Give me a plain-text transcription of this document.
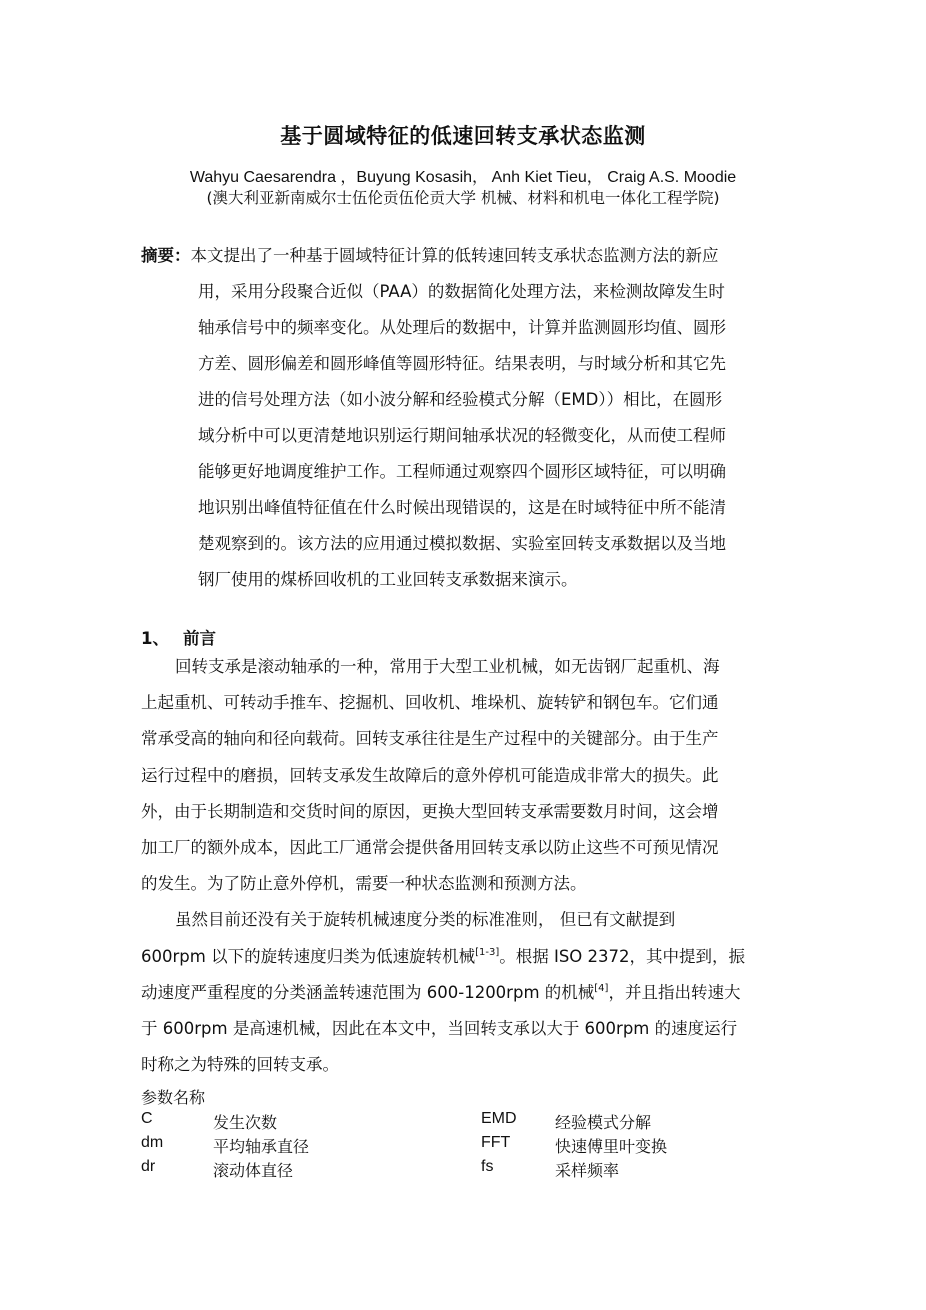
基于圆域特征的低速回转支承状态监测
Wahyu Caesarendra ，Buyung Kosasih， Anh Kiet Tieu， Craig A.S. Moodie
(澳大利亚新南威尔士伍伦贡伍伦贡大学 机械、材料和机电一体化工程学院)
摘要：本文提出了一种基于圆域特征计算的低转速回转支承状态监测方法的新应
用，采用分段聚合近似（PAA）的数据简化处理方法，来检测故障发生时
轴承信号中的频率变化。从处理后的数据中，计算并监测圆形均值、圆形
方差、圆形偏差和圆形峰值等圆形特征。结果表明，与时域分析和其它先
进的信号处理方法（如小波分解和经验模式分解（EMD））相比，在圆形
域分析中可以更清楚地识别运行期间轴承状况的轻微变化，从而使工程师
能够更好地调度维护工作。工程师通过观察四个圆形区域特征，可以明确
地识别出峰值特征值在什么时候出现错误的，这是在时域特征中所不能清
楚观察到的。该方法的应用通过模拟数据、实验室回转支承数据以及当地
钢厂使用的煤桥回收机的工业回转支承数据来演示。
1、 前言
回转支承是滚动轴承的一种，常用于大型工业机械，如无齿钢厂起重机、海
上起重机、可转动手推车、挖掘机、回收机、堆垛机、旋转铲和钢包车。它们通
常承受高的轴向和径向载荷。回转支承往往是生产过程中的关键部分。由于生产
运行过程中的磨损，回转支承发生故障后的意外停机可能造成非常大的损失。此
外，由于长期制造和交货时间的原因，更换大型回转支承需要数月时间，这会增
加工厂的额外成本，因此工厂通常会提供备用回转支承以防止这些不可预见情况
的发生。为了防止意外停机，需要一种状态监测和预测方法。
虽然目前还没有关于旋转机械速度分类的标准准则， 但已有文献提到
600rpm 以下的旋转速度归类为低速旋转机械[1-3]。根据 ISO 2372，其中提到，振
动速度严重程度的分类涵盖转速范围为 600-1200rpm 的机械[4]，并且指出转速大
于 600rpm 是高速机械，因此在本文中，当回转支承以大于 600rpm 的速度运行
时称之为特殊的回转支承。
参数名称
C	发生次数	EMD 经验模式分解
dm	平均轴承直径	FFT	快速傅里叶变换
dr	滚动体直径	fs	采样频率
